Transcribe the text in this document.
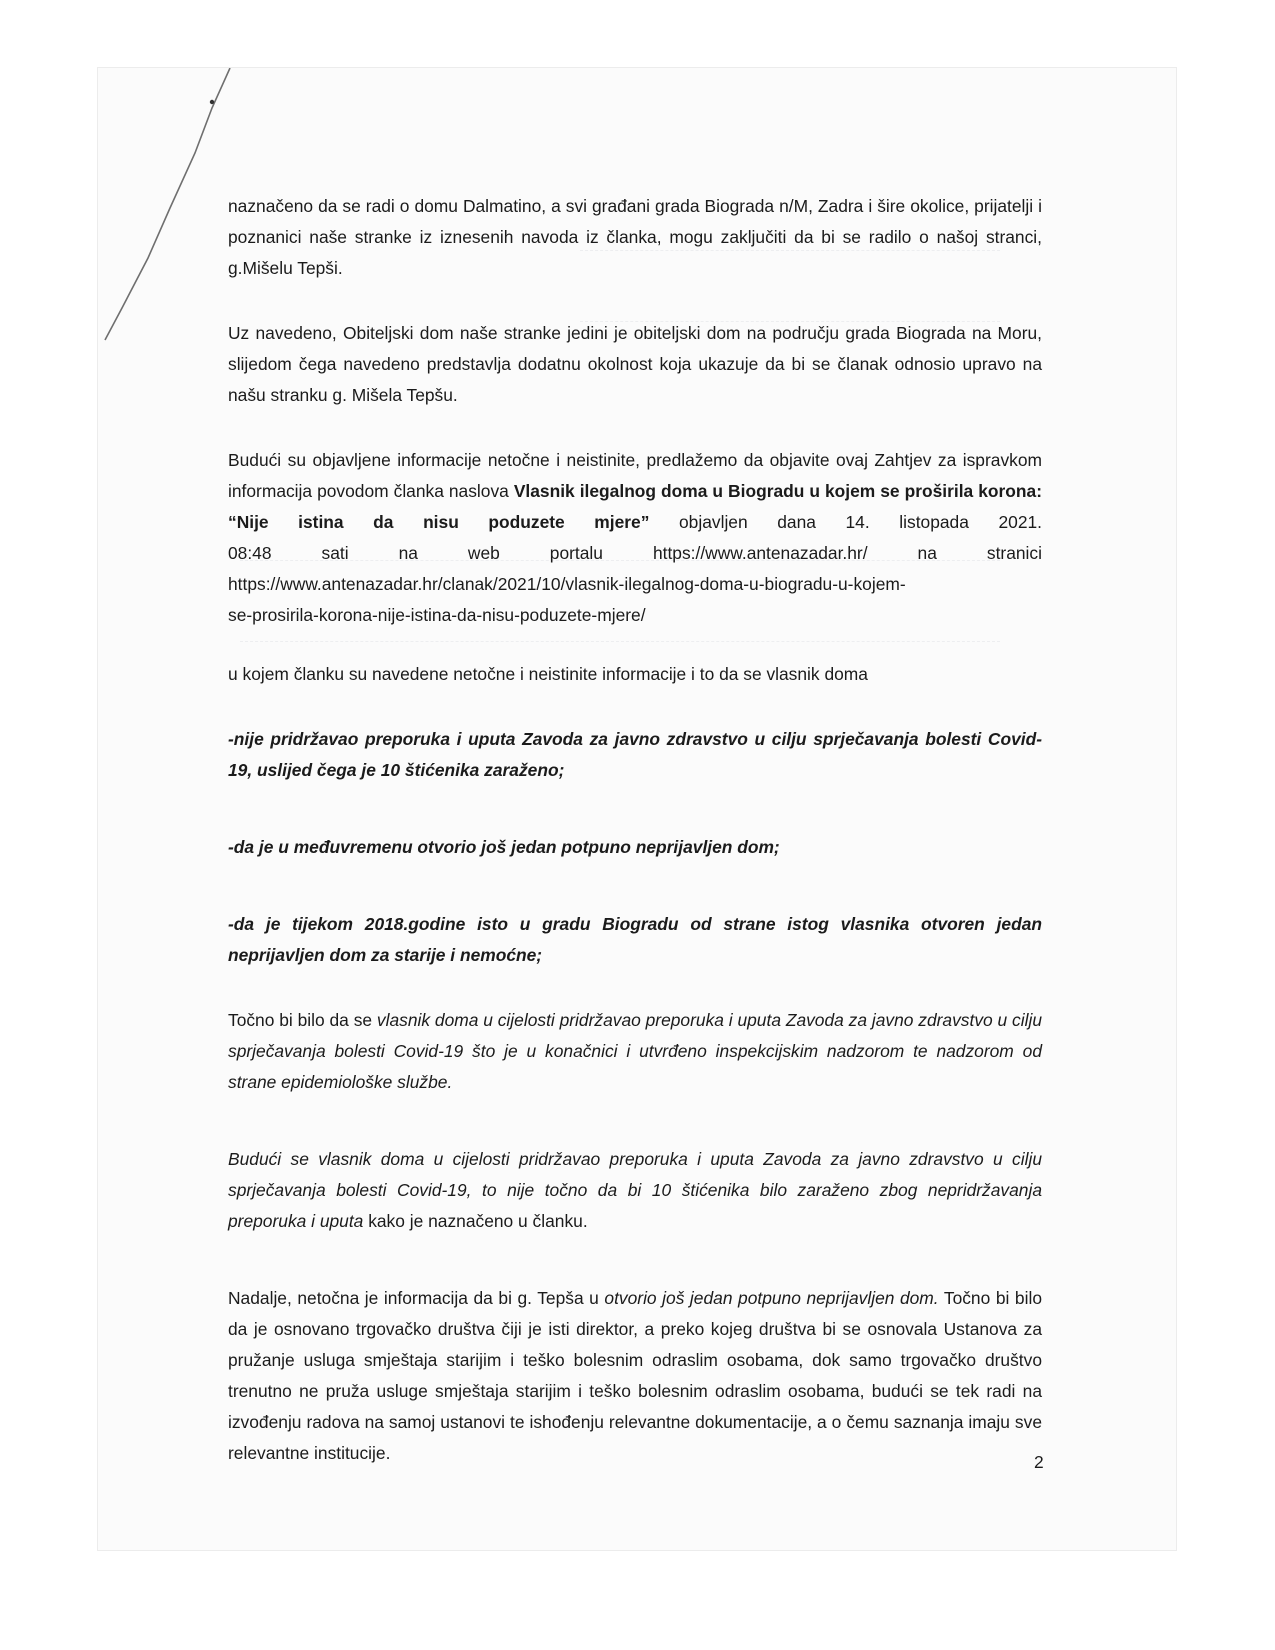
naznačeno da se radi o domu Dalmatino, a svi građani grada Biograda n/M, Zadra i šire okolice, prijatelji i poznanici naše stranke iz iznesenih navoda iz članka, mogu zaključiti da bi se radilo o našoj stranci, g.Mišelu Tepši.

Uz navedeno, Obiteljski dom naše stranke jedini je obiteljski dom na području grada Biograda na Moru, slijedom čega navedeno predstavlja dodatnu okolnost koja ukazuje da bi se članak odnosio upravo na našu stranku g. Mišela Tepšu.

Budući su objavljene informacije netočne i neistinite, predlažemo da objavite ovaj Zahtjev za ispravkom informacija povodom članka naslova Vlasnik ilegalnog doma u Biogradu u kojem se proširila korona: “Nije istina da nisu poduzete mjere” objavljen dana 14. listopada 2021.

08:48	sati	na	web	portalu	https://www.antenazadar.hr/	na	stranici
https://www.antenazadar.hr/clanak/2021/10/vlasnik-ilegalnog-doma-u-biogradu-u-kojem-
se-prosirila-korona-nije-istina-da-nisu-poduzete-mjere/

u kojem članku su navedene netočne i neistinite informacije i to da se vlasnik doma

-nije pridržavao preporuka i uputa Zavoda za javno zdravstvo u cilju sprječavanja bolesti Covid-19, uslijed čega je 10 štićenika zaraženo;

-da je u međuvremenu otvorio još jedan potpuno neprijavljen dom;

-da je tijekom 2018.godine isto u gradu Biogradu od strane istog vlasnika otvoren jedan neprijavljen dom za starije i nemoćne;

Točno bi bilo da se vlasnik doma u cijelosti pridržavao preporuka i uputa Zavoda za javno zdravstvo u cilju sprječavanja bolesti Covid-19 što je u konačnici i utvrđeno inspekcijskim nadzorom te nadzorom od strane epidemiološke službe.

Budući se vlasnik doma u cijelosti pridržavao preporuka i uputa Zavoda za javno zdravstvo u cilju sprječavanja bolesti Covid-19, to nije točno da bi 10 štićenika bilo zaraženo zbog nepridržavanja preporuka i uputa kako je naznačeno u članku.

Nadalje, netočna je informacija da bi g. Tepša u otvorio još jedan potpuno neprijavljen dom. Točno bi bilo da je osnovano trgovačko društva čiji je isti direktor, a preko kojeg društva bi se osnovala Ustanova za pružanje usluga smještaja starijim i teško bolesnim odraslim osobama, dok samo trgovačko društvo trenutno ne pruža usluge smještaja starijim i teško bolesnim odraslim osobama, budući se tek radi na izvođenju radova na samoj ustanovi te ishođenju relevantne dokumentacije, a o čemu saznanja imaju sve relevantne institucije.	2
